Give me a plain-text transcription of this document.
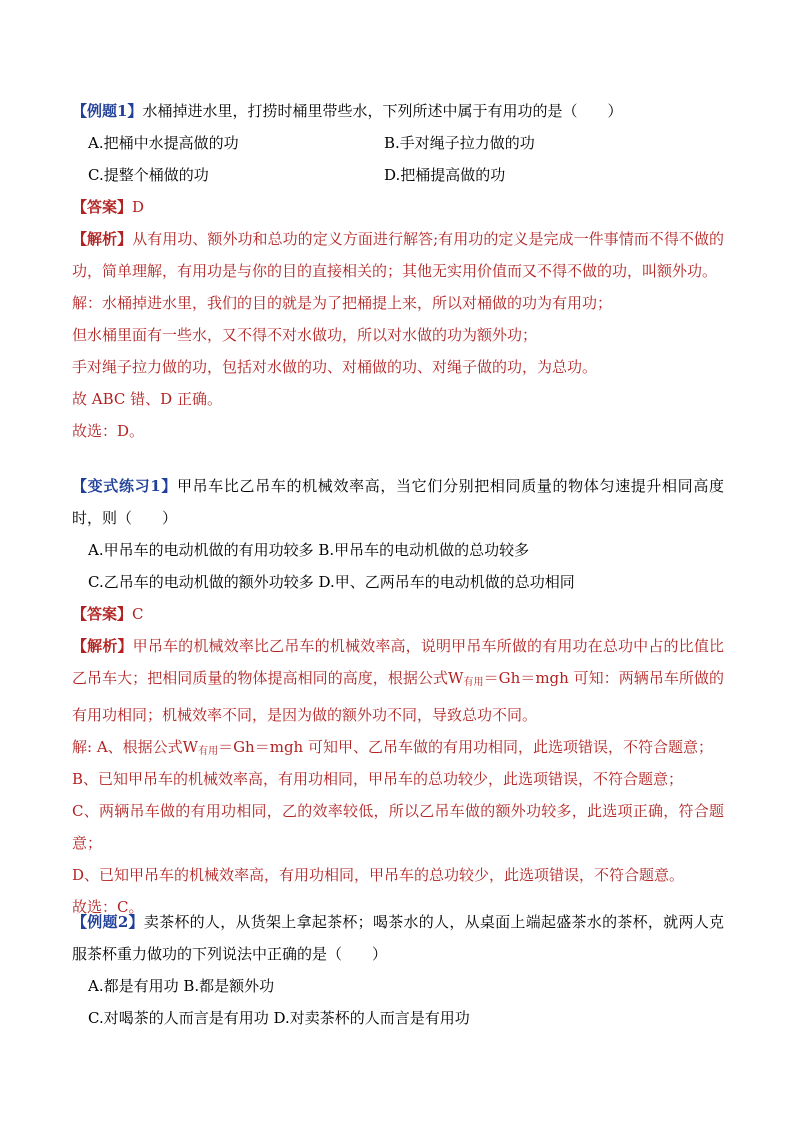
【例题1】水桶掉进水里，打捞时桶里带些水，下列所述中属于有用功的是（　　）
A.把桶中水提高做的功	B.手对绳子拉力做的功
C.提整个桶做的功	D.把桶提高做的功
【答案】D
【解析】从有用功、额外功和总功的定义方面进行解答;有用功的定义是完成一件事情而不得不做的功，简单理解，有用功是与你的目的直接相关的；其他无实用价值而又不得不做的功，叫额外功。
解：水桶掉进水里，我们的目的就是为了把桶提上来，所以对桶做的功为有用功；
但水桶里面有一些水，又不得不对水做功，所以对水做的功为额外功；
手对绳子拉力做的功，包括对水做的功、对桶做的功、对绳子做的功，为总功。
故 ABC 错、D 正确。
故选：D。
【变式练习1】甲吊车比乙吊车的机械效率高，当它们分别把相同质量的物体匀速提升相同高度时，则（　　）
A.甲吊车的电动机做的有用功较多 B.甲吊车的电动机做的总功较多
C.乙吊车的电动机做的额外功较多 D.甲、乙两吊车的电动机做的总功相同
【答案】C
【解析】甲吊车的机械效率比乙吊车的机械效率高，说明甲吊车所做的有用功在总功中占的比值比乙吊车大；把相同质量的物体提高相同的高度，根据公式$W_{有用}=Gh=mgh$ 可知：两辆吊车所做的有用功相同；机械效率不同，是因为做的额外功不同，导致总功不同。
解: A、根据公式$W_{有用}=Gh=mgh$ 可知甲、乙吊车做的有用功相同，此选项错误，不符合题意；
B、已知甲吊车的机械效率高，有用功相同，甲吊车的总功较少，此选项错误，不符合题意；
C、两辆吊车做的有用功相同，乙的效率较低，所以乙吊车做的额外功较多，此选项正确，符合题意；
D、已知甲吊车的机械效率高，有用功相同，甲吊车的总功较少，此选项错误，不符合题意。
故选：C。
【例题2】卖茶杯的人，从货架上拿起茶杯；喝茶水的人，从桌面上端起盛茶水的茶杯，就两人克服茶杯重力做功的下列说法中正确的是（　　）
A.都是有用功 B.都是额外功
C.对喝茶的人而言是有用功 D.对卖茶杯的人而言是有用功
